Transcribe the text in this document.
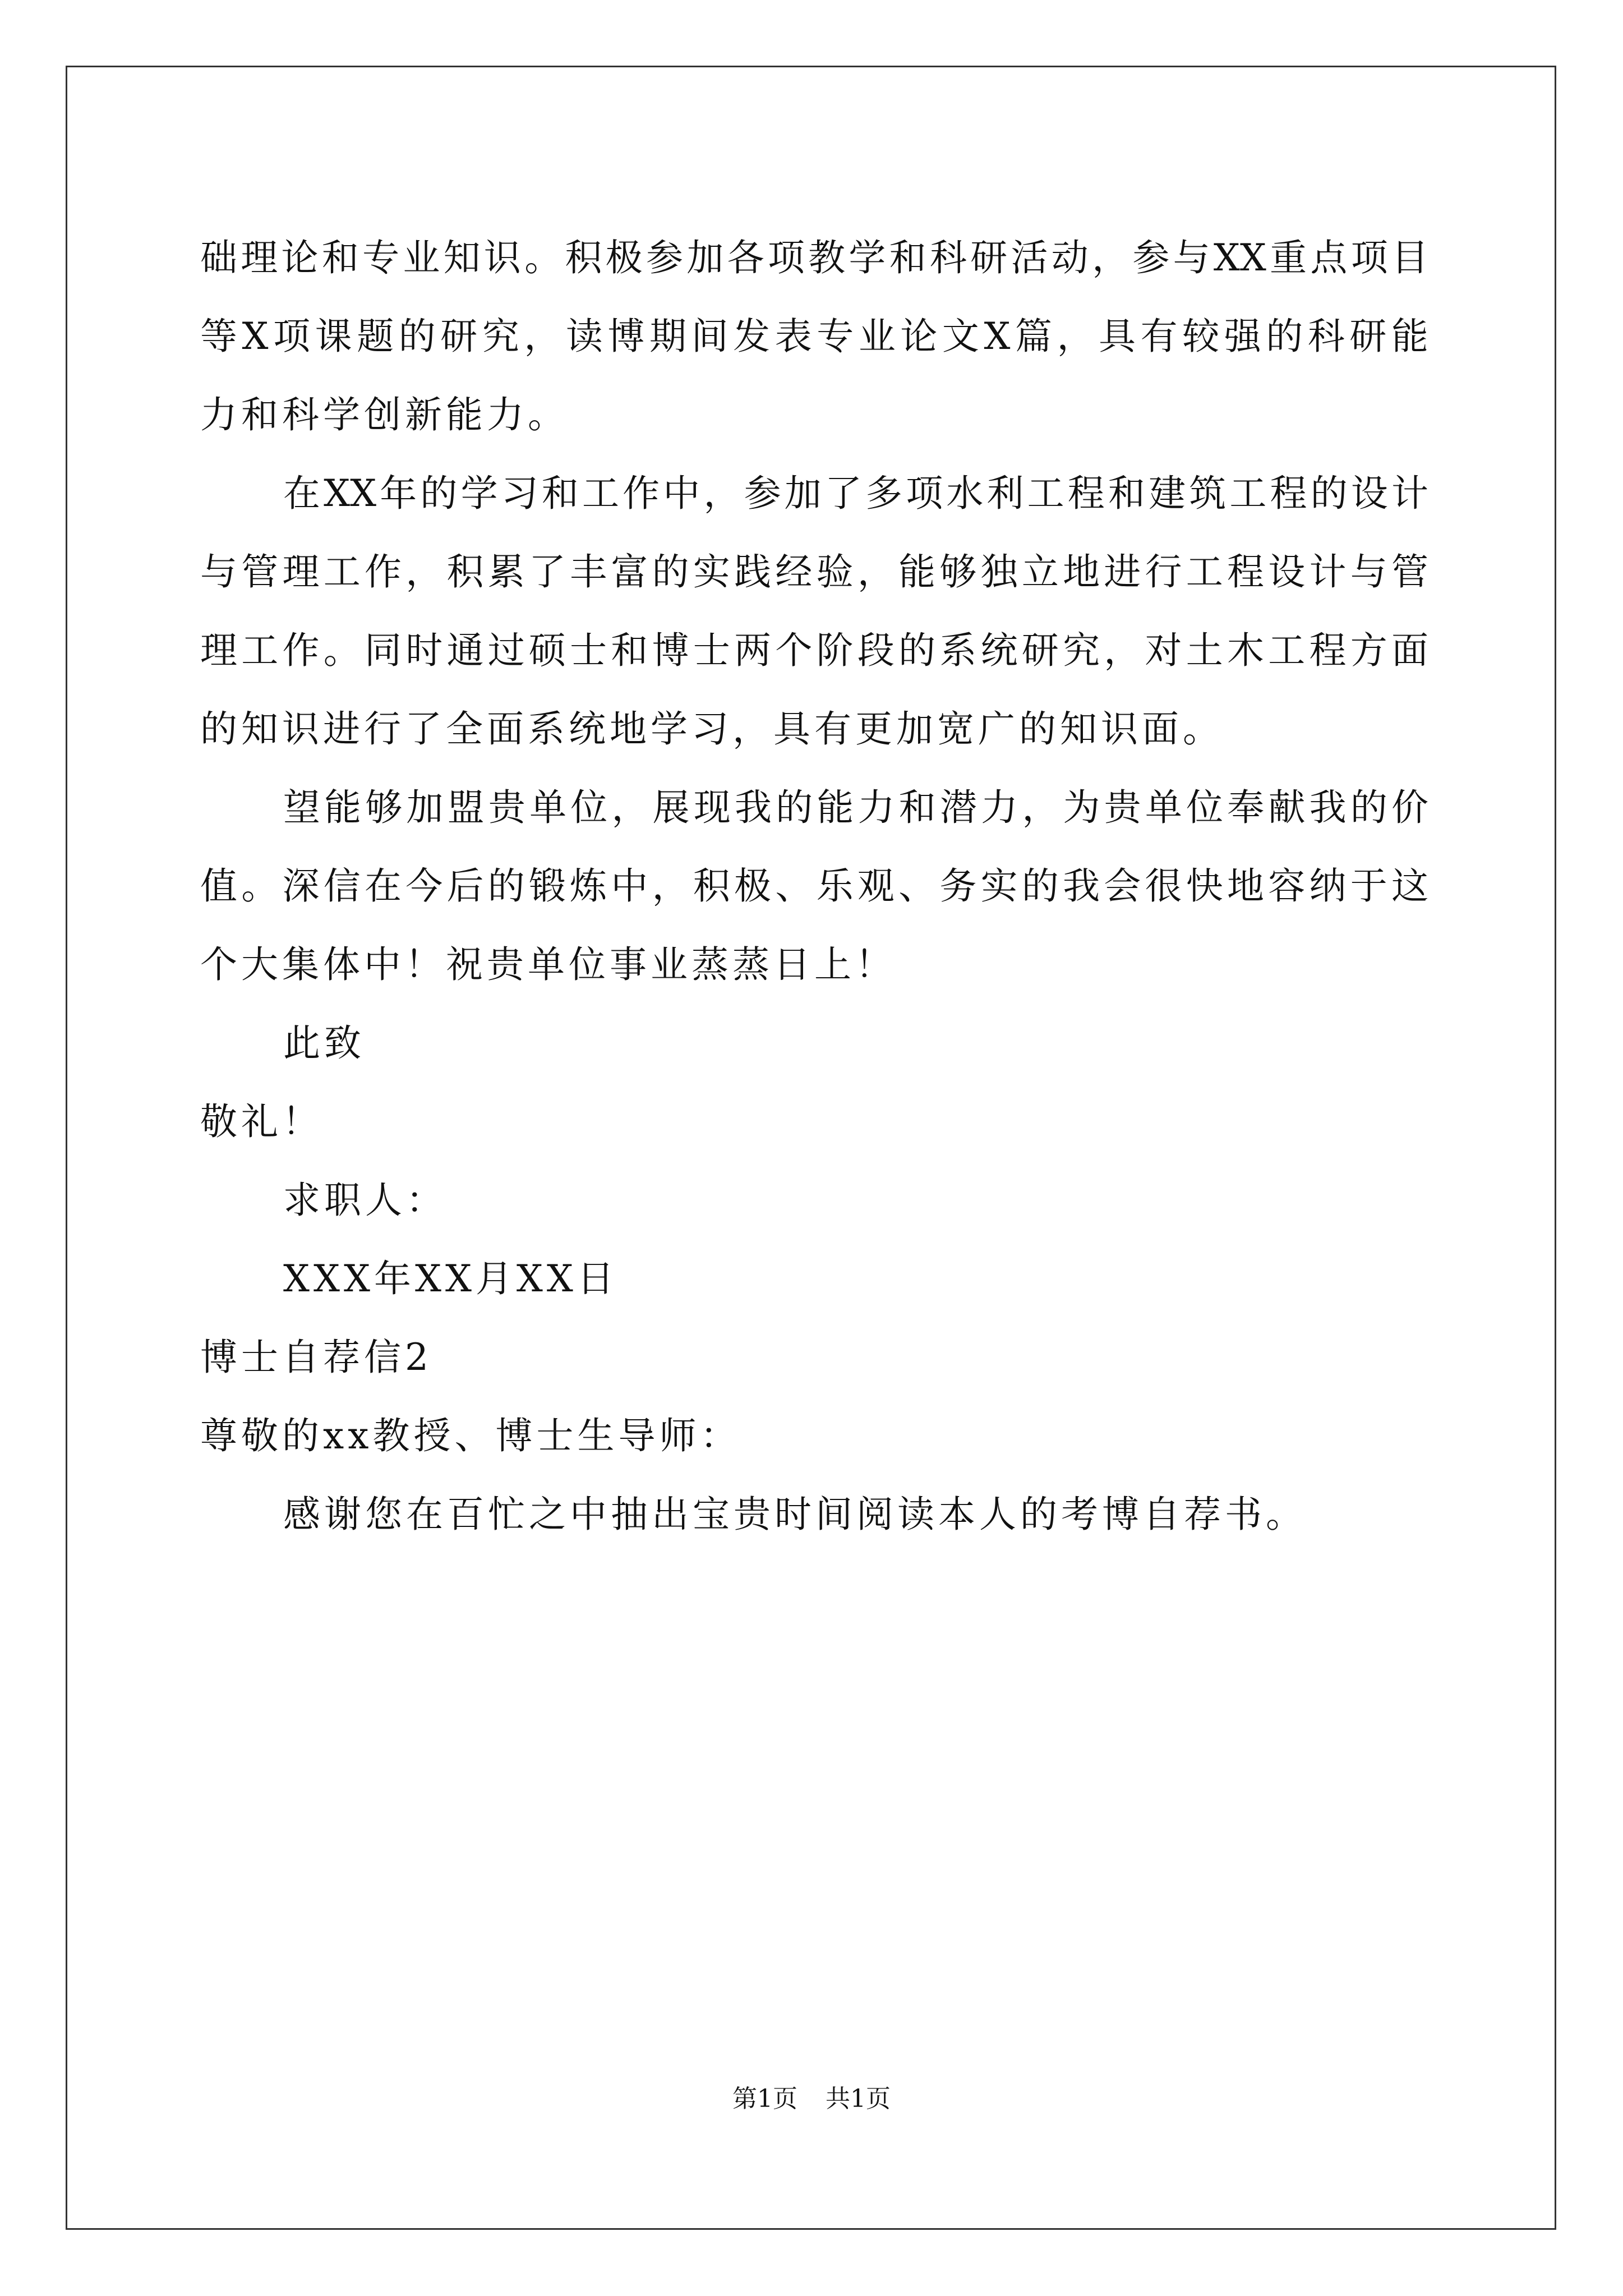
础理论和专业知识。积极参加各项教学和科研活动，参与XX重点项目
等X项课题的研究，读博期间发表专业论文X篇，具有较强的科研能
力和科学创新能力。
在XX年的学习和工作中，参加了多项水利工程和建筑工程的设计
与管理工作，积累了丰富的实践经验，能够独立地进行工程设计与管
理工作。同时通过硕士和博士两个阶段的系统研究，对土木工程方面
的知识进行了全面系统地学习，具有更加宽广的知识面。
望能够加盟贵单位，展现我的能力和潜力，为贵单位奉献我的价
值。深信在今后的锻炼中，积极、乐观、务实的我会很快地容纳于这
个大集体中！祝贵单位事业蒸蒸日上！
此致
敬礼！
求职人：
XXX年XX月XX日
博士自荐信2
尊敬的xx教授、博士生导师：
感谢您在百忙之中抽出宝贵时间阅读本人的考博自荐书。
第1页 共1页
